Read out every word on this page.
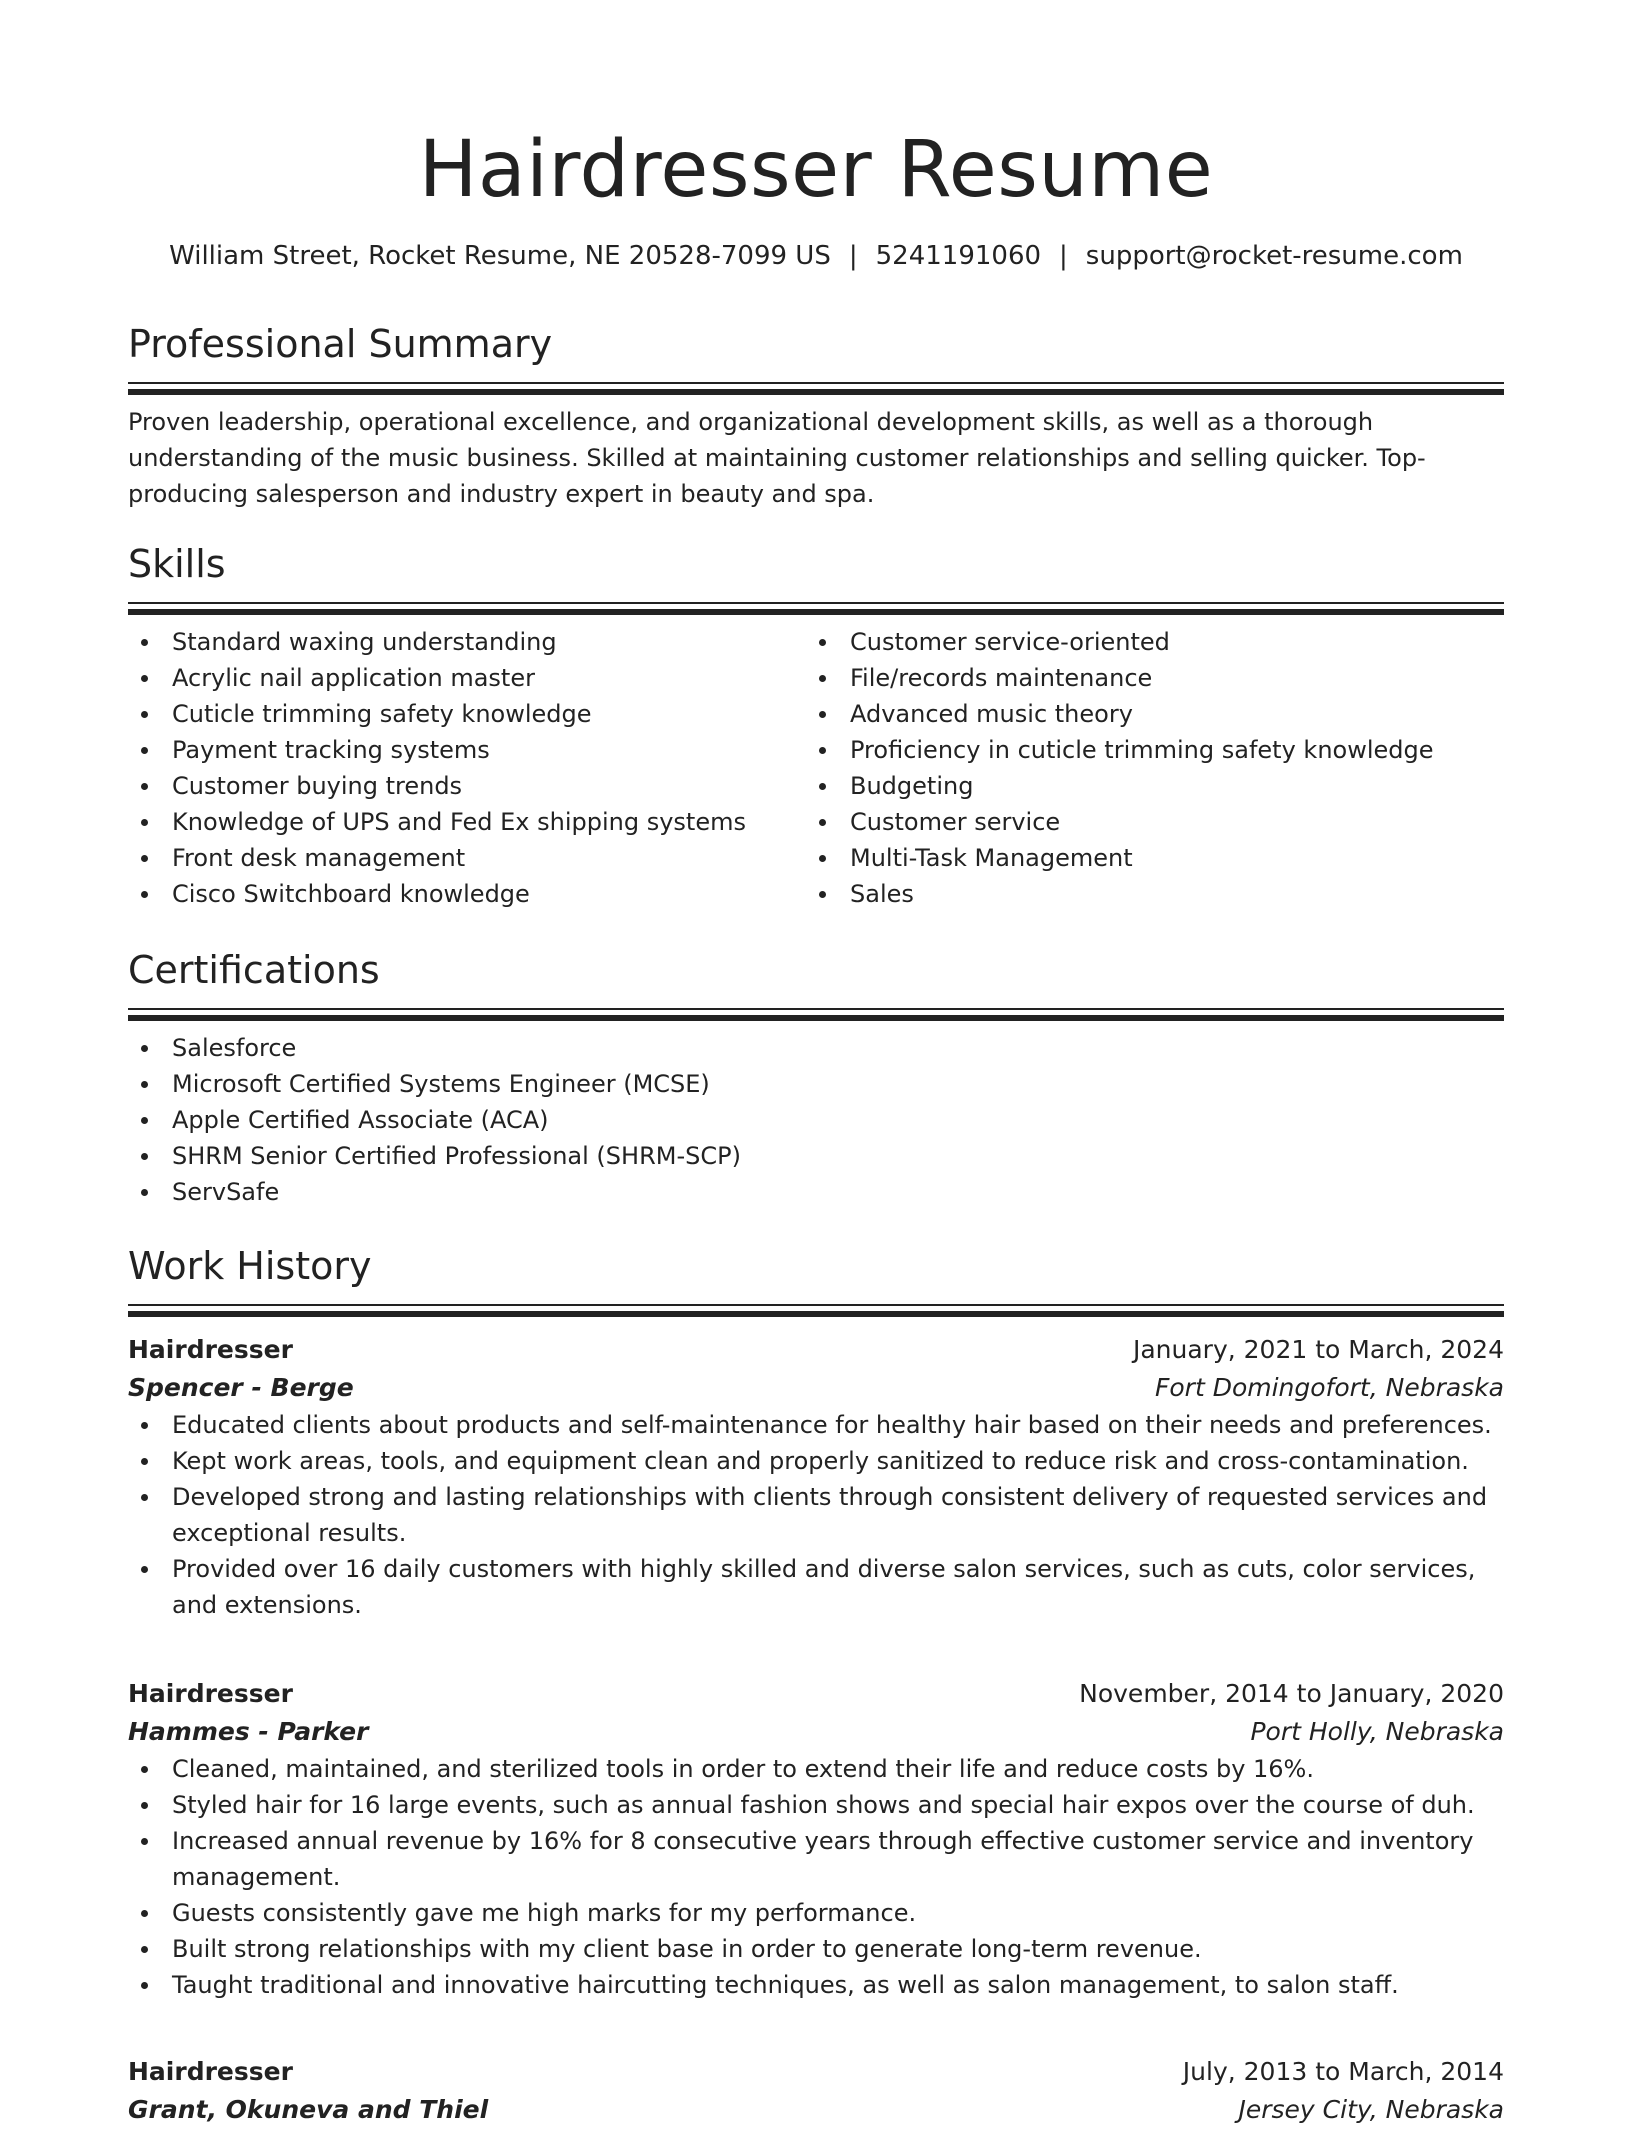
Hairdresser Resume
William Street, Rocket Resume, NE 20528-7099 US | 5241191060 | support@rocket-resume.com
Professional Summary

Proven leadership, operational excellence, and organizational development skills, as well as a thorough understanding of the music business. Skilled at maintaining customer relationships and selling quicker. Top-producing salesperson and industry expert in beauty and spa.

Skills
Standard waxing understanding
Acrylic nail application master
Cuticle trimming safety knowledge
Payment tracking systems
Customer buying trends
Knowledge of UPS and Fed Ex shipping systems
Front desk management
Cisco Switchboard knowledge
Customer service-oriented
File/records maintenance
Advanced music theory
Proficiency in cuticle trimming safety knowledge
Budgeting
Customer service
Multi-Task Management
Sales
Certifications
Salesforce
Microsoft Certified Systems Engineer (MCSE)
Apple Certified Associate (ACA)
SHRM Senior Certified Professional (SHRM-SCP)
ServSafe
Work History
Hairdresser	January, 2021 to March, 2024
Spencer - Berge	Fort Domingofort, Nebraska
Educated clients about products and self-maintenance for healthy hair based on their needs and preferences.
Kept work areas, tools, and equipment clean and properly sanitized to reduce risk and cross-contamination.
Developed strong and lasting relationships with clients through consistent delivery of requested services and exceptional results.
Provided over 16 daily customers with highly skilled and diverse salon services, such as cuts, color services, and extensions.
Hairdresser	November, 2014 to January, 2020
Hammes - Parker	Port Holly, Nebraska
Cleaned, maintained, and sterilized tools in order to extend their life and reduce costs by 16%.
Styled hair for 16 large events, such as annual fashion shows and special hair expos over the course of duh.
Increased annual revenue by 16% for 8 consecutive years through effective customer service and inventory management.
Guests consistently gave me high marks for my performance.
Built strong relationships with my client base in order to generate long-term revenue.
Taught traditional and innovative haircutting techniques, as well as salon management, to salon staff.
Hairdresser	July, 2013 to March, 2014
Grant, Okuneva and Thiel	Jersey City, Nebraska
